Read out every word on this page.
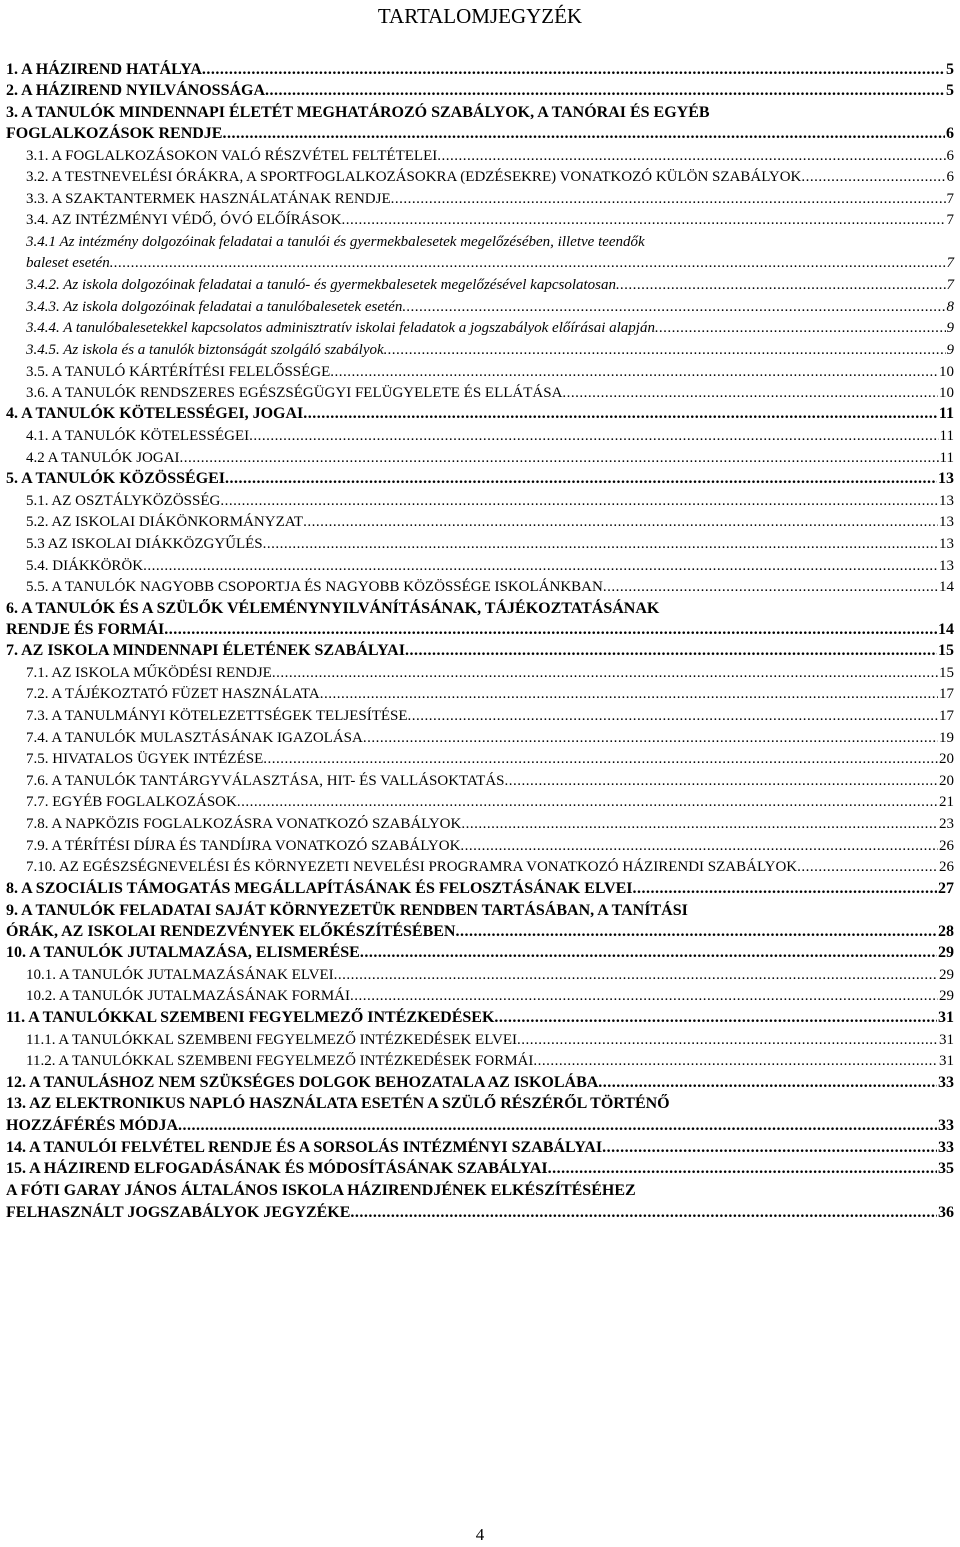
TARTALOMJEGYZÉK
1. A HÁZIREND HATÁLYA .....	5
2. A HÁZIREND NYILVÁNOSSÁGA .....	5
3. A TANULÓK MINDENNAPI ÉLETÉT MEGHATÁROZÓ SZABÁLYOK, A TANÓRAI ÉS EGYÉB
FOGLALKOZÁSOK RENDJE .....	6
3.1. A FOGLALKOZÁSOKON VALÓ RÉSZVÉTEL FELTÉTELEI .....	6
3.2. A TESTNEVELÉSI ÓRÁKRA, A SPORTFOGLALKOZÁSOKRA (EDZÉSEKRE) VONATKOZÓ KÜLÖN SZABÁLYOK .....	6
3.3. A SZAKTANTERMEK HASZNÁLATÁNAK RENDJE .....	7
3.4. AZ INTÉZMÉNYI VÉDŐ, ÓVÓ ELŐÍRÁSOK .....	7
3.4.1 Az intézmény dolgozóinak feladatai a tanulói és gyermekbalesetek megelőzésében, illetve teendők
baleset esetén .....	7
3.4.2. Az iskola dolgozóinak feladatai a tanuló- és gyermekbalesetek megelőzésével kapcsolatosan .....	7
3.4.3. Az iskola dolgozóinak feladatai a tanulóbalesetek esetén .....	8
3.4.4. A tanulóbalesetekkel kapcsolatos adminisztratív iskolai feladatok a jogszabályok előírásai alapján .....	9
3.4.5. Az iskola és a tanulók biztonságát szolgáló szabályok .....	9
3.5. A TANULÓ KÁRTÉRÍTÉSI FELELŐSSÉGE .....	10
3.6. A TANULÓK RENDSZERES EGÉSZSÉGÜGYI FELÜGYELETE ÉS ELLÁTÁSA .....	10
4. A TANULÓK KÖTELESSÉGEI, JOGAI .....	11
4.1. A TANULÓK KÖTELESSÉGEI .....	11
4.2 A TANULÓK JOGAI .....	11
5. A TANULÓK KÖZÖSSÉGEI .....	13
5.1. AZ OSZTÁLYKÖZÖSSÉG .....	13
5.2. AZ ISKOLAI DIÁKÖNKORMÁNYZAT .....	13
5.3 AZ ISKOLAI DIÁKKÖZGYŰLÉS .....	13
5.4. DIÁKKÖRÖK .....	13
5.5. A TANULÓK NAGYOBB CSOPORTJA ÉS NAGYOBB KÖZÖSSÉGE ISKOLÁNKBAN .....	14
6. A TANULÓK ÉS A SZÜLŐK VÉLEMÉNYNYILVÁNÍTÁSÁNAK, TÁJÉKOZTATÁSÁNAK
RENDJE ÉS FORMÁI .....	14
7. AZ ISKOLA MINDENNAPI ÉLETÉNEK SZABÁLYAI .....	15
7.1. AZ ISKOLA MŰKÖDÉSI RENDJE .....	15
7.2. A TÁJÉKOZTATÓ FÜZET HASZNÁLATA .....	17
7.3. A TANULMÁNYI KÖTELEZETTSÉGEK TELJESÍTÉSE .....	17
7.4. A TANULÓK MULASZTÁSÁNAK IGAZOLÁSA .....	19
7.5. HIVATALOS ÜGYEK INTÉZÉSE .....	20
7.6. A TANULÓK TANTÁRGYVÁLASZTÁSA, HIT- ÉS VALLÁSOKTATÁS .....	20
7.7. EGYÉB FOGLALKOZÁSOK .....	21
7.8. A NAPKÖZIS FOGLALKOZÁSRA VONATKOZÓ SZABÁLYOK .....	23
7.9. A TÉRÍTÉSI DÍJRA ÉS TANDÍJRA VONATKOZÓ SZABÁLYOK .....	26
7.10. AZ EGÉSZSÉGNEVELÉSI ÉS KÖRNYEZETI NEVELÉSI PROGRAMRA VONATKOZÓ HÁZIRENDI SZABÁLYOK .....	26
8. A SZOCIÁLIS TÁMOGATÁS MEGÁLLAPÍTÁSÁNAK ÉS FELOSZTÁSÁNAK ELVEI .....	27
9. A TANULÓK FELADATAI SAJÁT KÖRNYEZETÜK RENDBEN TARTÁSÁBAN, A TANÍTÁSI
ÓRÁK, AZ ISKOLAI RENDEZVÉNYEK ELŐKÉSZÍTÉSÉBEN .....	28
10. A TANULÓK JUTALMAZÁSA, ELISMERÉSE .....	29
10.1. A TANULÓK JUTALMAZÁSÁNAK ELVEI .....	29
10.2. A TANULÓK JUTALMAZÁSÁNAK FORMÁI .....	29
11. A TANULÓKKAL SZEMBENI FEGYELMEZŐ INTÉZKEDÉSEK .....	31
11.1. A TANULÓKKAL SZEMBENI FEGYELMEZŐ INTÉZKEDÉSEK ELVEI .....	31
11.2. A TANULÓKKAL SZEMBENI FEGYELMEZŐ INTÉZKEDÉSEK FORMÁI .....	31
12. A TANULÁSHOZ NEM SZÜKSÉGES DOLGOK BEHOZATALA AZ ISKOLÁBA .....	33
13. AZ ELEKTRONIKUS NAPLÓ HASZNÁLATA ESETÉN A SZÜLŐ RÉSZÉRŐL TÖRTÉNŐ
HOZZÁFÉRÉS MÓDJA .....	33
14. A TANULÓI FELVÉTEL RENDJE ÉS A SORSOLÁS INTÉZMÉNYI SZABÁLYAI .....	33
15. A HÁZIREND ELFOGADÁSÁNAK ÉS MÓDOSÍTÁSÁNAK SZABÁLYAI .....	35
A FÓTI GARAY JÁNOS ÁLTALÁNOS ISKOLA HÁZIRENDJÉNEK ELKÉSZÍTÉSÉHEZ
FELHASZNÁLT JOGSZABÁLYOK JEGYZÉKE .....	36
4
